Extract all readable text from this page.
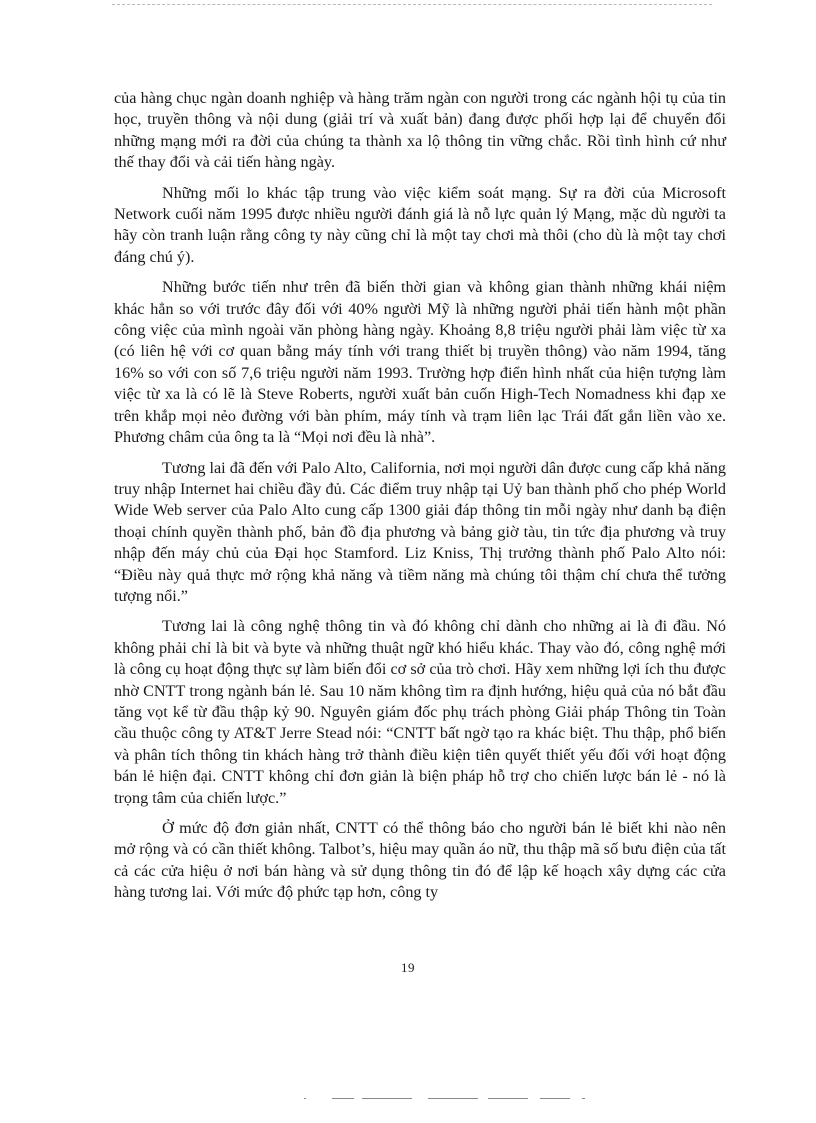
của hàng chục ngàn doanh nghiệp và hàng trăm ngàn con người trong các ngành hội tụ của tin học, truyền thông và nội dung (giải trí và xuất bản) đang được phối hợp lại để chuyển đổi những mạng mới ra đời của chúng ta thành xa lộ thông tin vững chắc. Rồi tình hình cứ như thế thay đổi và cải tiến hàng ngày.

Những mối lo khác tập trung vào việc kiểm soát mạng. Sự ra đời của Microsoft Network cuối năm 1995 được nhiều người đánh giá là nỗ lực quản lý Mạng, mặc dù người ta hãy còn tranh luận rằng công ty này cũng chỉ là một tay chơi mà thôi (cho dù là một tay chơi đáng chú ý).

Những bước tiến như trên đã biến thời gian và không gian thành những khái niệm khác hẳn so với trước đây đối với 40% người Mỹ là những người phải tiến hành một phần công việc của mình ngoài văn phòng hàng ngày. Khoảng 8,8 triệu người phải làm việc từ xa (có liên hệ với cơ quan bằng máy tính với trang thiết bị truyền thông) vào năm 1994, tăng 16% so với con số 7,6 triệu người năm 1993. Trường hợp điển hình nhất của hiện tượng làm việc từ xa là có lẽ là Steve Roberts, người xuất bản cuốn High-Tech Nomadness khi đạp xe trên khắp mọi nẻo đường với bàn phím, máy tính và trạm liên lạc Trái đất gắn liền vào xe. Phương châm của ông ta là “Mọi nơi đều là nhà”.

Tương lai đã đến với Palo Alto, California, nơi mọi người dân được cung cấp khả năng truy nhập Internet hai chiều đầy đủ. Các điểm truy nhập tại Uỷ ban thành phố cho phép World Wide Web server của Palo Alto cung cấp 1300 giải đáp thông tin mỗi ngày như danh bạ điện thoại chính quyền thành phố, bản đồ địa phương và bảng giờ tàu, tin tức địa phương và truy nhập đến máy chủ của Đại học Stamford. Liz Kniss, Thị trưởng thành phố Palo Alto nói: “Điều này quả thực mở rộng khả năng và tiềm năng mà chúng tôi thậm chí chưa thể tưởng tượng nổi.”

Tương lai là công nghệ thông tin và đó không chỉ dành cho những ai là đi đầu. Nó không phải chỉ là bit và byte và những thuật ngữ khó hiểu khác. Thay vào đó, công nghệ mới là công cụ hoạt động thực sự làm biến đổi cơ sở của trò chơi. Hãy xem những lợi ích thu được nhờ CNTT trong ngành bán lẻ. Sau 10 năm không tìm ra định hướng, hiệu quả của nó bắt đầu tăng vọt kể từ đầu thập kỷ 90. Nguyên giám đốc phụ trách phòng Giải pháp Thông tin Toàn cầu thuộc công ty AT&T Jerre Stead nói: “CNTT bất ngờ tạo ra khác biệt. Thu thập, phổ biến và phân tích thông tin khách hàng trở thành điều kiện tiên quyết thiết yếu đối với hoạt động bán lẻ hiện đại. CNTT không chỉ đơn giản là biện pháp hỗ trợ cho chiến lược bán lẻ - nó là trọng tâm của chiến lược.”

Ở mức độ đơn giản nhất, CNTT có thể thông báo cho người bán lẻ biết khi nào nên mở rộng và có cần thiết không. Talbot’s, hiệu may quần áo nữ, thu thập mã số bưu điện của tất cả các cửa hiệu ở nơi bán hàng và sử dụng thông tin đó để lập kế hoạch xây dựng các cửa hàng tương lai. Với mức độ phức tạp hơn, công ty

19
